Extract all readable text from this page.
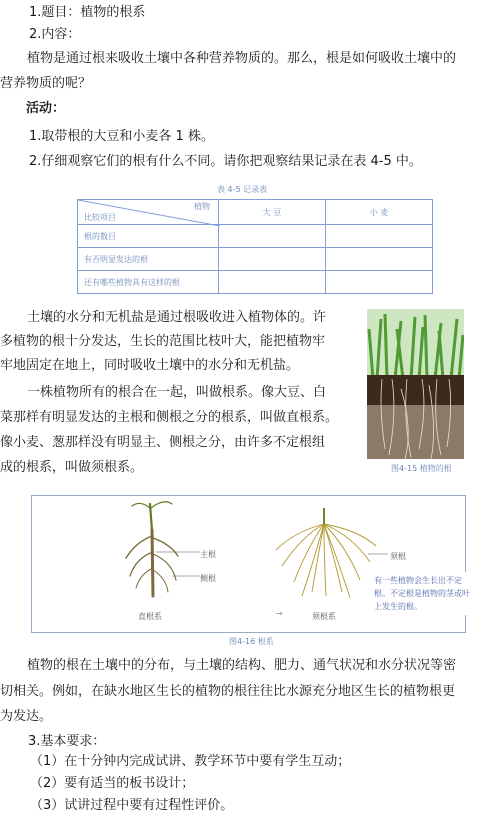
1.题目：植物的根系
2.内容：
植物是通过根来吸收土壤中各种营养物质的。那么，根是如何吸收土壤中的
营养物质的呢？
活动：
1.取带根的大豆和小麦各 1 株。
2.仔细观察它们的根有什么不同。请你把观察结果记录在表 4-5 中。
表 4-5 记录表
植物
比较项目	大 豆	小 麦
根的数目		
有否明显发达的根		
还有哪些植物具有这样的根		
土壤的水分和无机盐是通过根吸收进入植物体的。许
多植物的根十分发达，生长的范围比枝叶大，能把植物牢
牢地固定在地上，同时吸收土壤中的水分和无机盐。
一株植物所有的根合在一起，叫做根系。像大豆、白
菜那样有明显发达的主根和侧根之分的根系，叫做直根系。
像小麦、葱那样没有明显主、侧根之分，由许多不定根组
成的根系，叫做须根系。	图4-15 植物的根
→
主根
侧根
须根
直根系	须根系
有一些植物会生长出不定根。不定根是植物的茎或叶上发生的根。
图4-16 根系
植物的根在土壤中的分布，与土壤的结构、肥力、通气状况和水分状况等密
切相关。例如，在缺水地区生长的植物的根往往比水源充分地区生长的植物根更
为发达。
3.基本要求：
（1）在十分钟内完成试讲、教学环节中要有学生互动；
（2）要有适当的板书设计；
（3）试讲过程中要有过程性评价。
